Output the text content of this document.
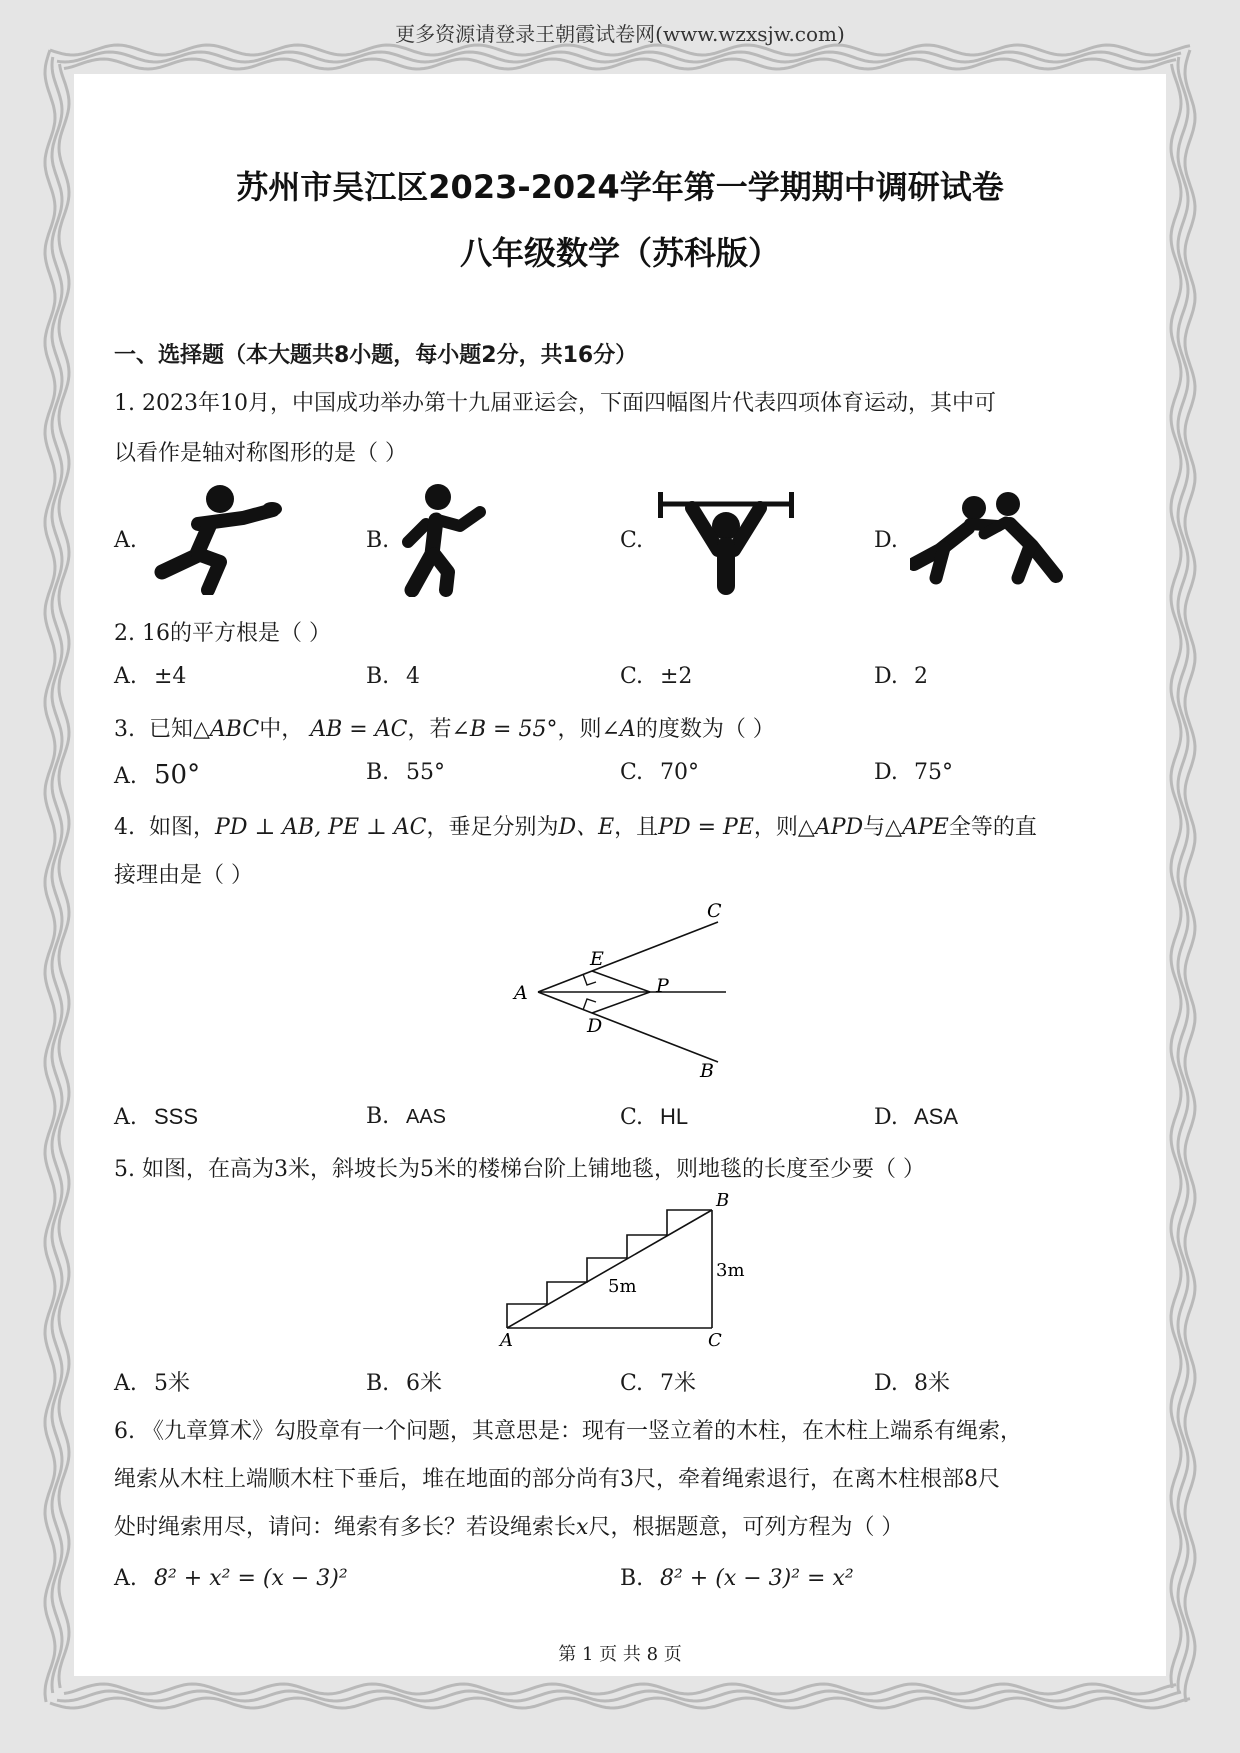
更多资源请登录王朝霞试卷网(www.wzxsjw.com)
苏州市吴江区2023-2024学年第一学期期中调研试卷
八年级数学（苏科版）
一、选择题（本大题共8小题，每小题2分，共16分）
1. 2023年10月，中国成功举办第十九届亚运会，下面四幅图片代表四项体育运动，其中可
以看作是轴对称图形的是（ ）
A.	B.	C.	D.
2. 16的平方根是（ ）
A. ±4	B. 4	C. ±2	D. 2
3. 已知△ABC中， AB = AC，若∠B = 55°，则∠A的度数为（ ）
A. 50°	B. 55°	C. 70°	D. 75°
4. 如图，PD ⊥ AB, PE ⊥ AC，垂足分别为D、E，且PD = PE，则△APD与△APE全等的直
接理由是（ ）
A
C
B
E
D
P
A. SSS	B. AAS	C. HL	D. ASA
5. 如图，在高为3米，斜坡长为5米的楼梯台阶上铺地毯，则地毯的长度至少要（ ）
A
B
C
5m
3m
A. 5米	B. 6米	C. 7米	D. 8米
6. 《九章算术》勾股章有一个问题，其意思是：现有一竖立着的木柱，在木柱上端系有绳索，
绳索从木柱上端顺木柱下垂后，堆在地面的部分尚有3尺，牵着绳索退行，在离木柱根部8尺
处时绳索用尽，请问：绳索有多长？若设绳索长x尺，根据题意，可列方程为（ ）
A. 8² + x² = (x − 3)²	B. 8² + (x − 3)² = x²
第 1 页 共 8 页
